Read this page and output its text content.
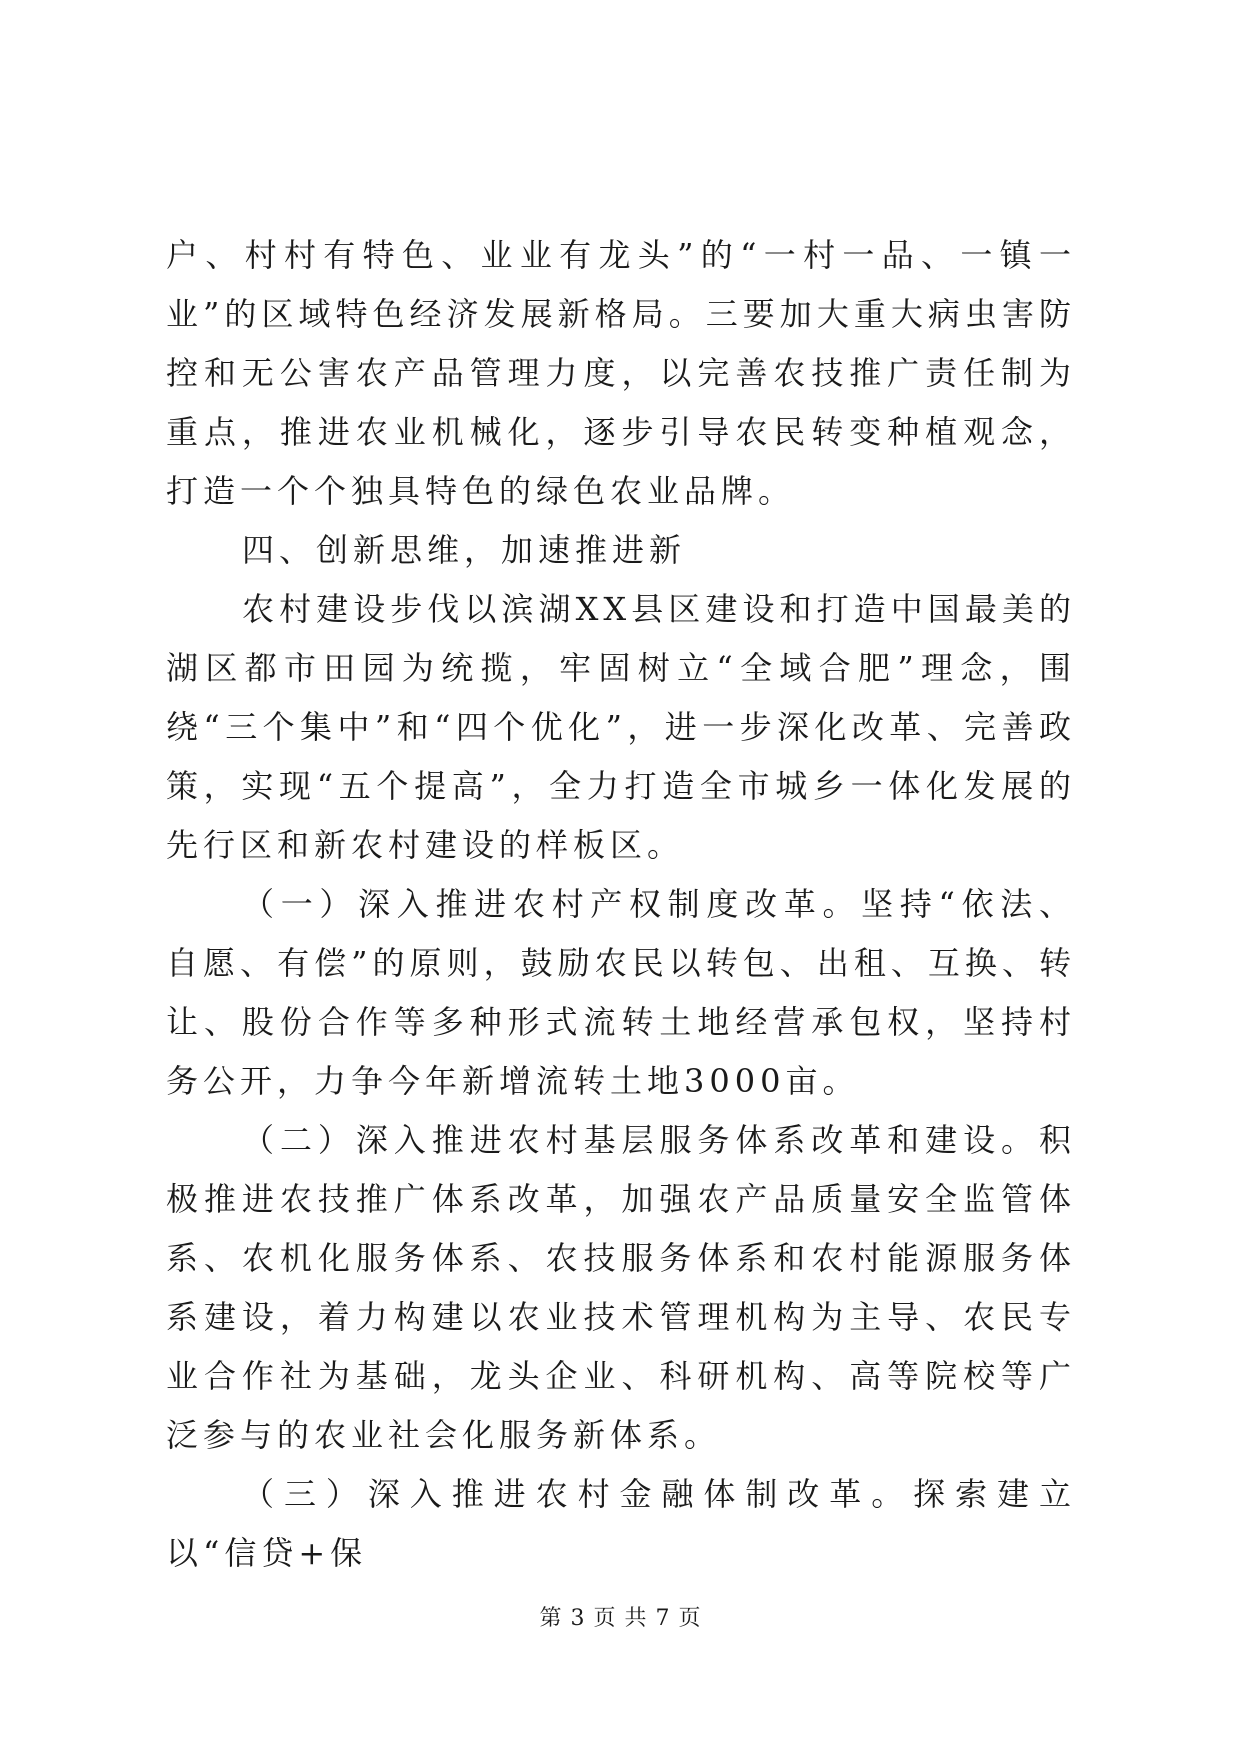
户、村村有特色、业业有龙头”的“一村一品、一镇一业”的区域特色经济发展新格局。三要加大重大病虫害防控和无公害农产品管理力度，以完善农技推广责任制为重点，推进农业机械化，逐步引导农民转变种植观念，打造一个个独具特色的绿色农业品牌。

四、创新思维，加速推进新

农村建设步伐以滨湖XX县区建设和打造中国最美的湖区都市田园为统揽，牢固树立“全域合肥”理念，围绕“三个集中”和“四个优化”，进一步深化改革、完善政策，实现“五个提高”，全力打造全市城乡一体化发展的先行区和新农村建设的样板区。

（一）深入推进农村产权制度改革。坚持“依法、自愿、有偿”的原则，鼓励农民以转包、出租、互换、转让、股份合作等多种形式流转土地经营承包权，坚持村务公开，力争今年新增流转土地3000亩。

（二）深入推进农村基层服务体系改革和建设。积极推进农技推广体系改革，加强农产品质量安全监管体系、农机化服务体系、农技服务体系和农村能源服务体系建设，着力构建以农业技术管理机构为主导、农民专业合作社为基础，龙头企业、科研机构、高等院校等广泛参与的农业社会化服务新体系。

（三）深入推进农村金融体制改革。探索建立以“信贷+保

第 3 页 共 7 页
